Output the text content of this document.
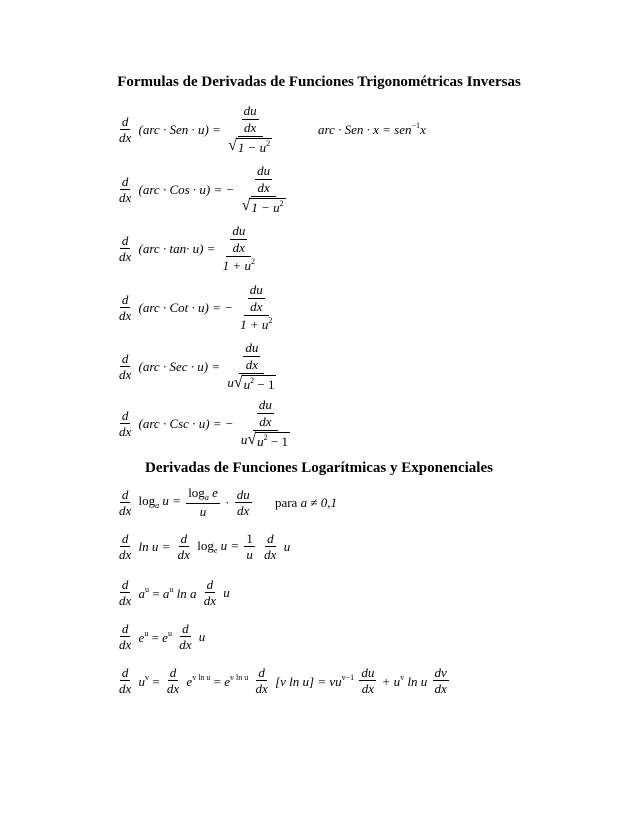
Formulas de Derivadas de Funciones Trigonométricas Inversas
$\frac{d}{dx} (arc$ · Sen · $u) = \frac{\frac{du}{dx}}{√ 1 - u^2}$	arc · Sen · x = sen$^{-1}$x
$\frac{d}{dx} (arc$ · Cos · u) = − $\frac{\frac{du}{dx}}{√ 1 - u^2}$
$\frac{d}{dx} (arc \cdot \tan\cdot u) = \frac{\frac{du}{dx}}{1 + u^2}$
$\frac{d}{dx} (arc$ · Cot · u) = − $\frac{\frac{du}{dx}}{1 + u^2}$
$\frac{d}{dx} (arc$ · Sec · $u) = \frac{\frac{du}{dx}}{u √ u^2 - 1}$
$\frac{d}{dx} (arc$ · Csc · u) = − $\frac{\frac{du}{dx}}{u √ u^2 - 1}$
Derivadas de Funciones Logarítmicas y Exponenciales
$\frac{d}{dx} \log_a u = \frac{\log_a e}{u} \cdot \frac{du}{dx}$ para a ≠ 0,1
$\frac{d}{dx}$ $\ln u = \frac{d}{dx} \log_e u = \frac{1}{u}$
$\frac{d}{dx}$ u
$\frac{d}{dx} a^u = a^u$ ln a $\frac{d}{dx}$ u
$\frac{d}{dx} e^u = e^u \frac{d}{dx}$ u
$\frac{d}{dx} u^v = \frac{d}{dx} e^{v ln u} = e^{v ln u} \frac{d}{dx} [v$ $\ln u] = vu^{v-1} \frac{du}{dx} + u^v$ ln u $\frac{dv}{dx}$
